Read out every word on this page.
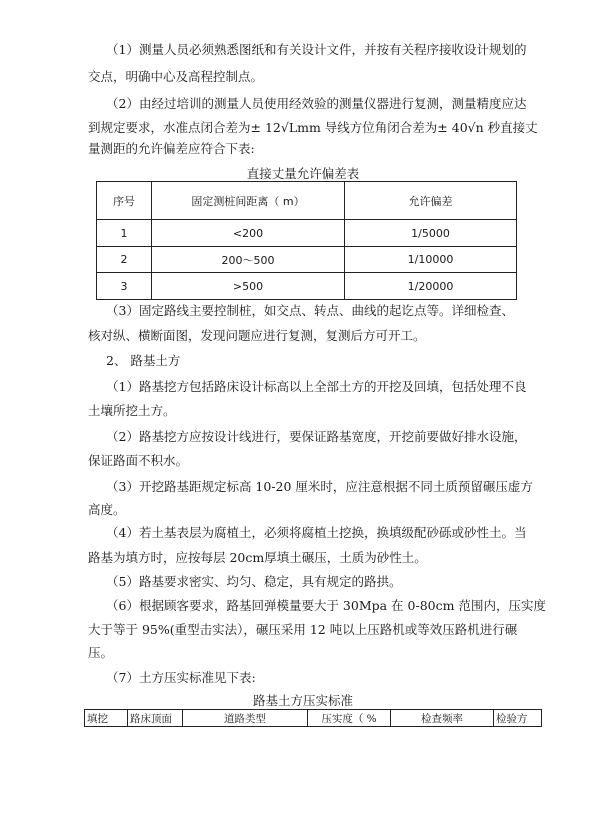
（1）测量人员必须熟悉图纸和有关设计文件，并按有关程序接收设计规划的
交点，明确中心及高程控制点。
（2）由经过培训的测量人员使用经效验的测量仪器进行复测，测量精度应达
到规定要求，水准点闭合差为± 12√Lmm 导线方位角闭合差为± 40√n 秒直接丈
量测距的允许偏差应符合下表:
直接丈量允许偏差表
序号	固定测桩间距离（ m）	允许偏差
1	<200	1/5000
2	200～500	1/10000
3	>500	1/20000
（3）固定路线主要控制桩，如交点、转点、曲线的起讫点等。详细检查、
核对纵、横断面图，发现问题应进行复测，复测后方可开工。
2、 路基土方
（1）路基挖方包括路床设计标高以上全部土方的开挖及回填，包括处理不良
土壤所挖土方。
（2）路基挖方应按设计线进行，要保证路基宽度，开挖前要做好排水设施，
保证路面不积水。
（3）开挖路基距规定标高 10-20 厘米时，应注意根据不同土质预留碾压虚方
高度。
（4）若土基表层为腐植土，必须将腐植土挖换，换填级配砂砾或砂性土。当
路基为填方时，应按每层 20cm厚填土碾压，土质为砂性土。
（5）路基要求密实、均匀、稳定，具有规定的路拱。
（6）根据顾客要求，路基回弹模量要大于 30Mpa 在 0-80cm 范围内，压实度
大于等于 95%(重型击实法），碾压采用 12 吨以上压路机或等效压路机进行碾
压。
（7）土方压实标准见下表:
路基土方压实标准
填挖	路床顶面	道路类型	压实度（ %	检查频率	检验方
